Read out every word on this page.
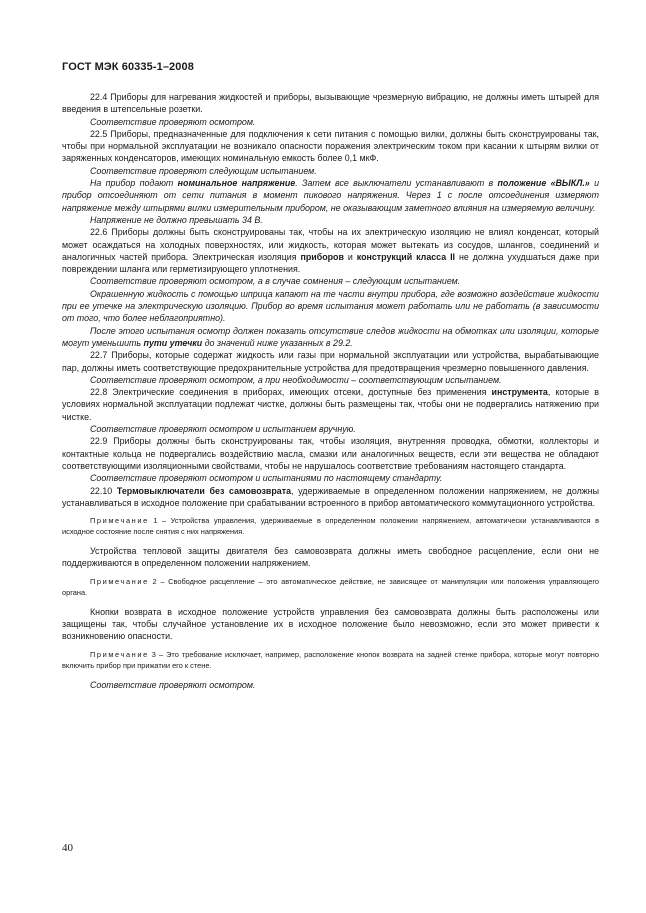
ГОСТ МЭК 60335-1–2008

22.4 Приборы для нагревания жидкостей и приборы, вызывающие чрезмерную вибрацию, не должны иметь штырей для введения в штепсельные розетки.

Соответствие проверяют осмотром.

22.5 Приборы, предназначенные для подключения к сети питания с помощью вилки, должны быть сконструированы так, чтобы при нормальной эксплуатации не возникало опасности поражения электрическим током при касании к штырям вилки от заряженных конденсаторов, имеющих номинальную емкость более 0,1 мкФ.

Соответствие проверяют следующим испытанием.

На прибор подают номинальное напряжение. Затем все выключатели устанавливают в положение «ВЫКЛ.» и прибор отсоединяют от сети питания в момент пикового напряжения. Через 1 с после отсоединения измеряют напряжение между штырями вилки измерительным прибором, не оказывающим заметного влияния на измеряемую величину.

Напряжение не должно превышать 34 В.

22.6 Приборы должны быть сконструированы так, чтобы на их электрическую изоляцию не влиял конденсат, который может осаждаться на холодных поверхностях, или жидкость, которая может вытекать из сосудов, шлангов, соединений и аналогичных частей прибора. Электрическая изоляция приборов и конструкций класса II не должна ухудшаться даже при повреждении шланга или герметизирующего уплотнения.

Соответствие проверяют осмотром, а в случае сомнения – следующим испытанием.

Окрашенную жидкость с помощью шприца капают на те части внутри прибора, где возможно воздействие жидкости при ее утечке на электрическую изоляцию. Прибор во время испытания может работать или не работать (в зависимости от того, что более неблагоприятно).

После этого испытания осмотр должен показать отсутствие следов жидкости на обмотках или изоляции, которые могут уменьшить пути утечки до значений ниже указанных в 29.2.

22.7 Приборы, которые содержат жидкость или газы при нормальной эксплуатации или устройства, вырабатывающие пар, должны иметь соответствующие предохранительные устройства для предотвращения чрезмерно повышенного давления.

Соответствие проверяют осмотром, а при необходимости – соответствующим испытанием.

22.8 Электрические соединения в приборах, имеющих отсеки, доступные без применения инструмента, которые в условиях нормальной эксплуатации подлежат чистке, должны быть размещены так, чтобы они не подвергались натяжению при чистке.

Соответствие проверяют осмотром и испытанием вручную.

22.9 Приборы должны быть сконструированы так, чтобы изоляция, внутренняя проводка, обмотки, коллекторы и контактные кольца не подвергались воздействию масла, смазки или аналогичных веществ, если эти вещества не обладают соответствующими изоляционными свойствами, чтобы не нарушалось соответствие требованиям настоящего стандарта.

Соответствие проверяют осмотром и испытаниями по настоящему стандарту.

22.10 Термовыключатели без самовозврата, удерживаемые в определенном положении напряжением, не должны устанавливаться в исходное положение при срабатывании встроенного в прибор автоматического коммутационного устройства.

Примечание 1 – Устройства управления, удерживаемые в определенном положении напряжением, автоматически устанавливаются в исходное состояние после снятия с них напряжения.

Устройства тепловой защиты двигателя без самовозврата должны иметь свободное расцепление, если они не поддерживаются в определенном положении напряжением.

Примечание 2 – Свободное расцепление – это автоматическое действие, не зависящее от манипуляции или положения управляющего органа.

Кнопки возврата в исходное положение устройств управления без самовозврата должны быть расположены или защищены так, чтобы случайное установление их в исходное положение было невозможно, если это может привести к возникновению опасности.

Примечание 3 – Это требование исключает, например, расположение кнопок возврата на задней стенке прибора, которые могут повторно включить прибор при прижатии его к стене.

Соответствие проверяют осмотром.

40
